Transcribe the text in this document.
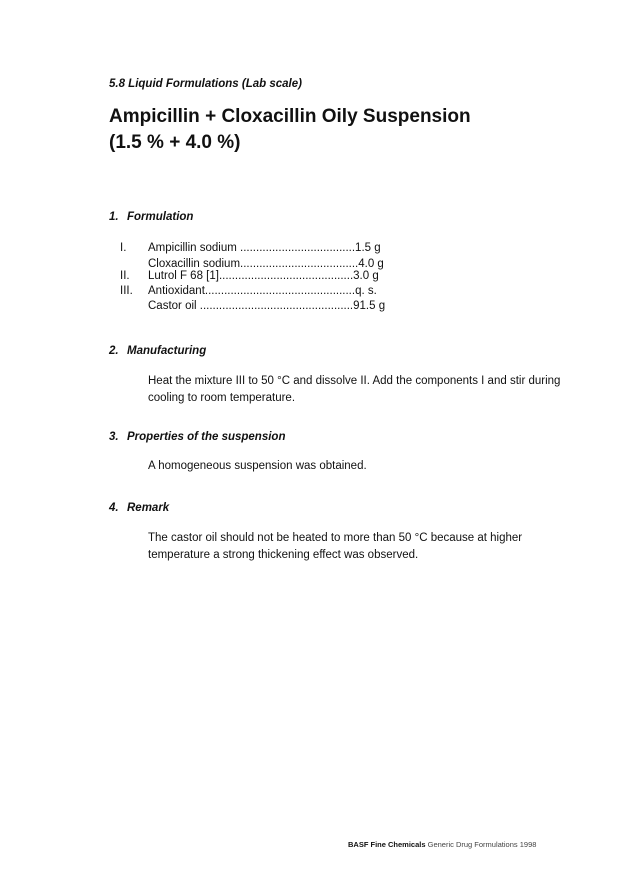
5.8 Liquid Formulations (Lab scale)
Ampicillin + Cloxacillin Oily Suspension
(1.5 % + 4.0 %)
1. Formulation
I. Ampicillin sodium ....................................1.5 g
Cloxacillin sodium.....................................4.0 g
II. Lutrol F 68 [1]..........................................3.0 g
III. Antioxidant...............................................q. s.
Castor oil ................................................91.5 g
2. Manufacturing
Heat the mixture III to 50 °C and dissolve II. Add the components I and stir during cooling to room temperature.
3. Properties of the suspension
A homogeneous suspension was obtained.
4. Remark
The castor oil should not be heated to more than 50 °C because at higher temperature a strong thickening effect was observed.
BASF Fine Chemicals Generic Drug Formulations 1998
